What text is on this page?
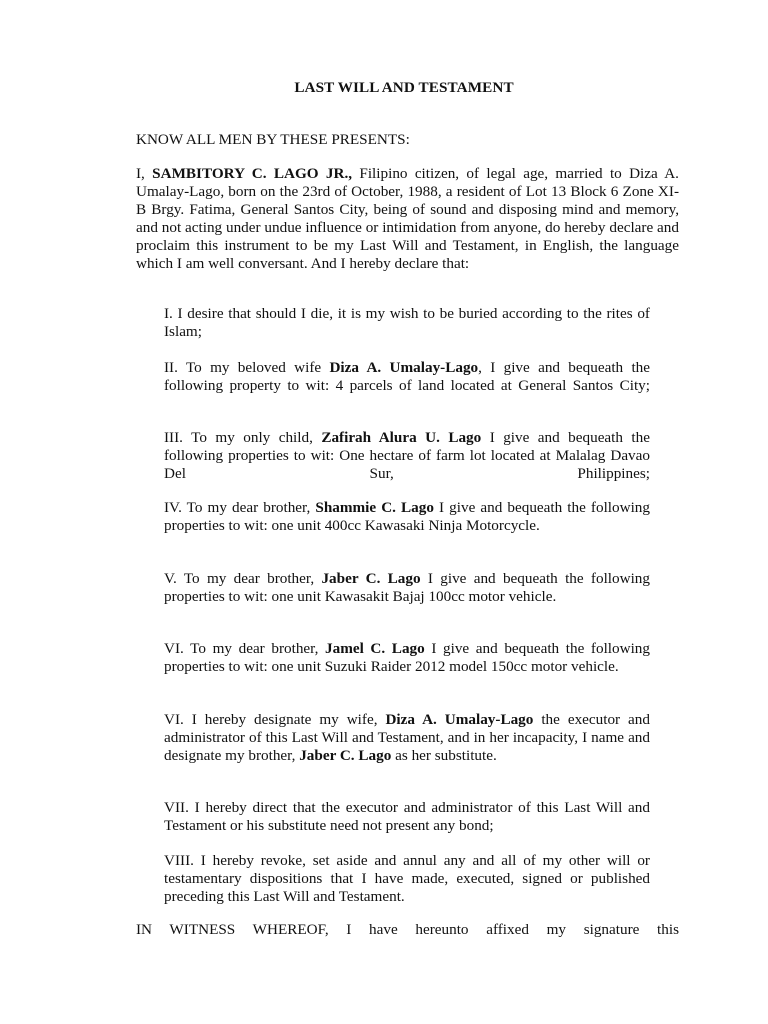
LAST WILL AND TESTAMENT

KNOW ALL MEN BY THESE PRESENTS:

I, SAMBITORY C. LAGO JR., Filipino citizen, of legal age, married to Diza A. Umalay-Lago, born on the 23rd of October, 1988, a resident of Lot 13 Block 6 Zone XI-B Brgy. Fatima, General Santos City, being of sound and disposing mind and memory, and not acting under undue influence or intimidation from anyone, do hereby declare and proclaim this instrument to be my Last Will and Testament, in English, the language which I am well conversant. And I hereby declare that:

I. I desire that should I die, it is my wish to be buried according to the rites of Islam;

II. To my beloved wife Diza A. Umalay-Lago, I give and bequeath the following property to wit: 4 parcels of land located at General Santos City;

III. To my only child, Zafirah Alura U. Lago I give and bequeath the following properties to wit: One hectare of farm lot located at Malalag Davao Del Sur, Philippines;

IV. To my dear brother, Shammie C. Lago I give and bequeath the following properties to wit: one unit 400cc Kawasaki Ninja Motorcycle.

V. To my dear brother, Jaber C. Lago I give and bequeath the following properties to wit: one unit Kawasakit Bajaj 100cc motor vehicle.

VI. To my dear brother, Jamel C. Lago I give and bequeath the following properties to wit: one unit Suzuki Raider 2012 model 150cc motor vehicle.

VI. I hereby designate my wife, Diza A. Umalay-Lago the executor and administrator of this Last Will and Testament, and in her incapacity, I name and designate my brother, Jaber C. Lago as her substitute.

VII. I hereby direct that the executor and administrator of this Last Will and Testament or his substitute need not present any bond;

VIII. I hereby revoke, set aside and annul any and all of my other will or testamentary dispositions that I have made, executed, signed or published preceding this Last Will and Testament.

IN WITNESS WHEREOF, I have hereunto affixed my signature this
